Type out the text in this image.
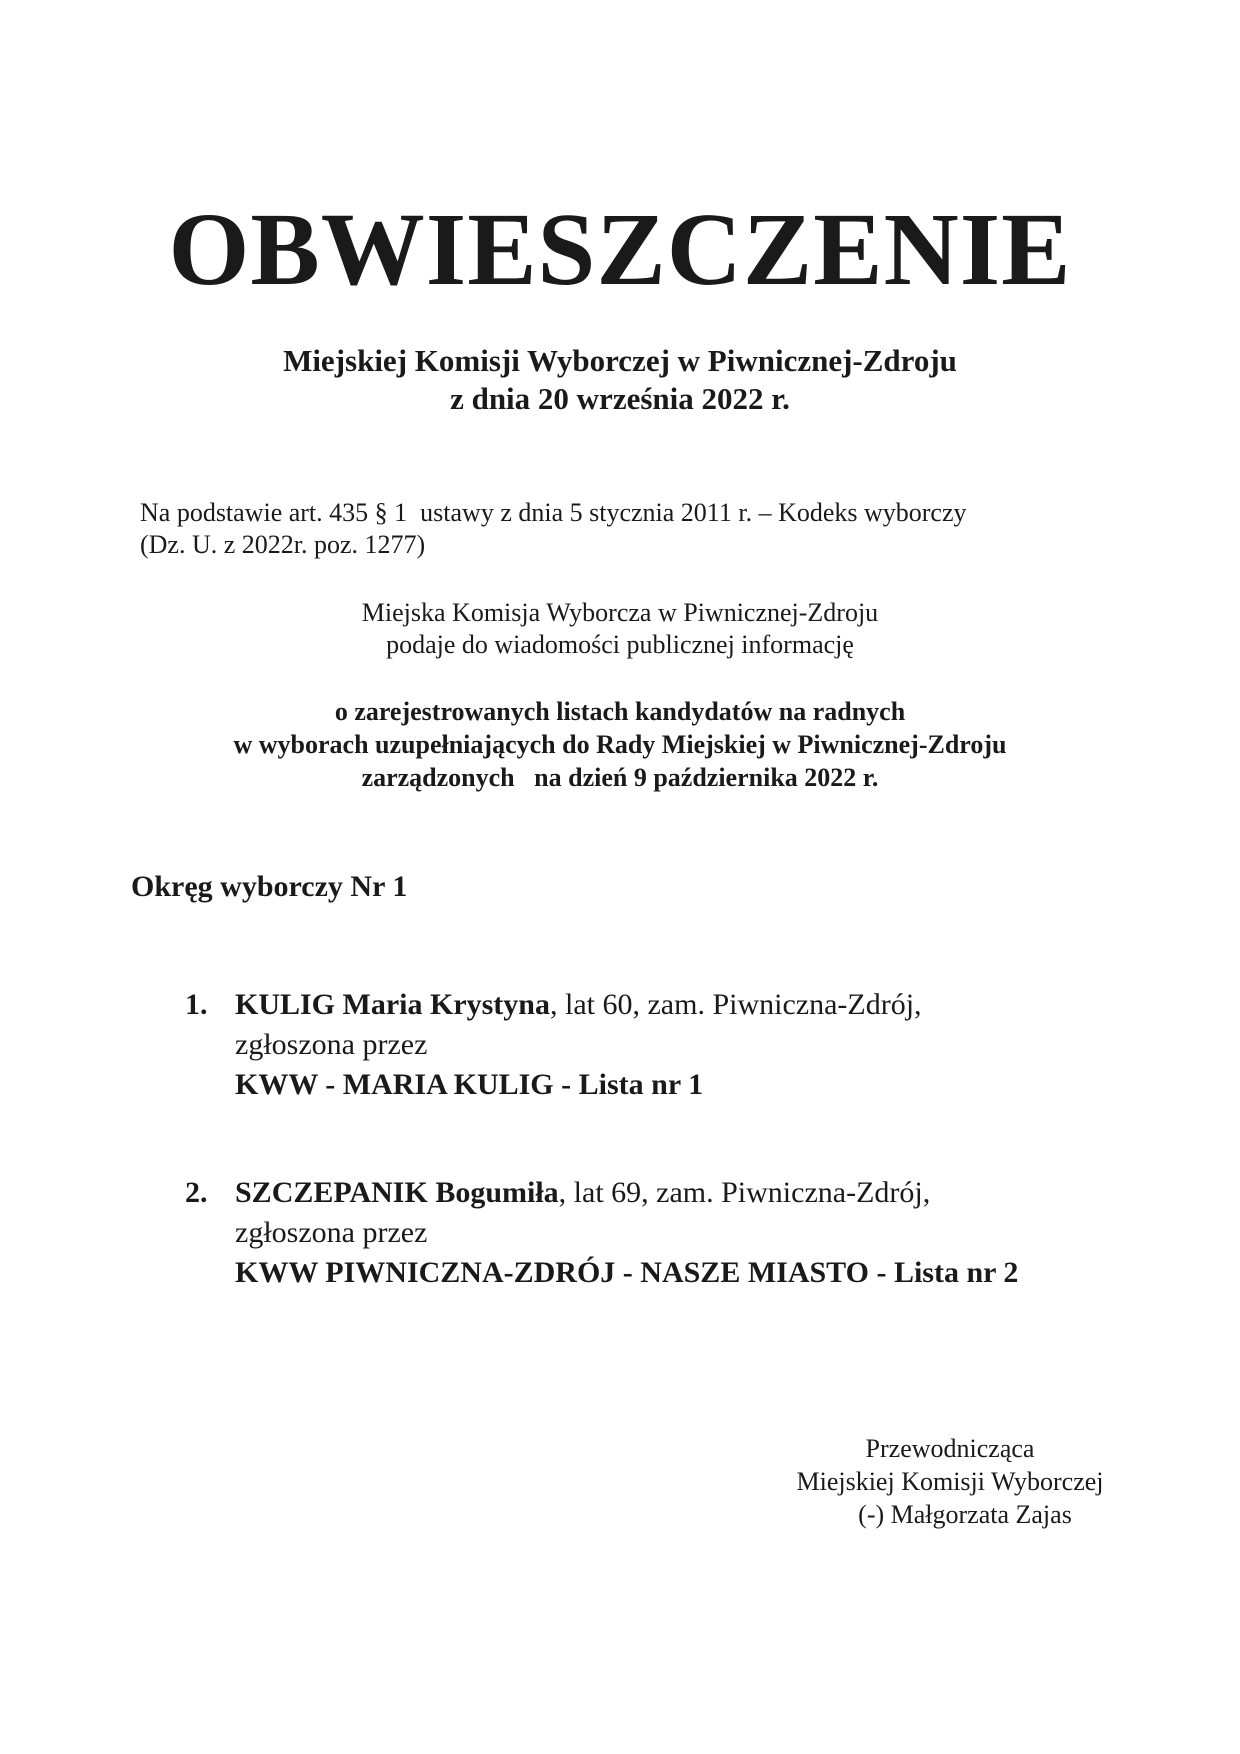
OBWIESZCZENIE
Miejskiej Komisji Wyborczej w Piwnicznej-Zdroju
z dnia 20 września 2022 r.
Na podstawie art. 435 § 1  ustawy z dnia 5 stycznia 2011 r. – Kodeks wyborczy
(Dz. U. z 2022r. poz. 1277)
Miejska Komisja Wyborcza w Piwnicznej-Zdroju
podaje do wiadomości publicznej informację
o zarejestrowanych listach kandydatów na radnych
w wyborach uzupełniających do Rady Miejskiej w Piwnicznej-Zdroju
zarządzonych   na dzień 9 października 2022 r.
Okręg wyborczy Nr 1
1. KULIG Maria Krystyna, lat 60, zam. Piwniczna-Zdrój,
zgłoszona przez
KWW - MARIA KULIG - Lista nr 1
2. SZCZEPANIK Bogumiła, lat 69, zam. Piwniczna-Zdrój,
zgłoszona przez
KWW PIWNICZNA-ZDRÓJ - NASZE MIASTO - Lista nr 2
Przewodnicząca
Miejskiej Komisji Wyborczej
(-) Małgorzata Zajas
